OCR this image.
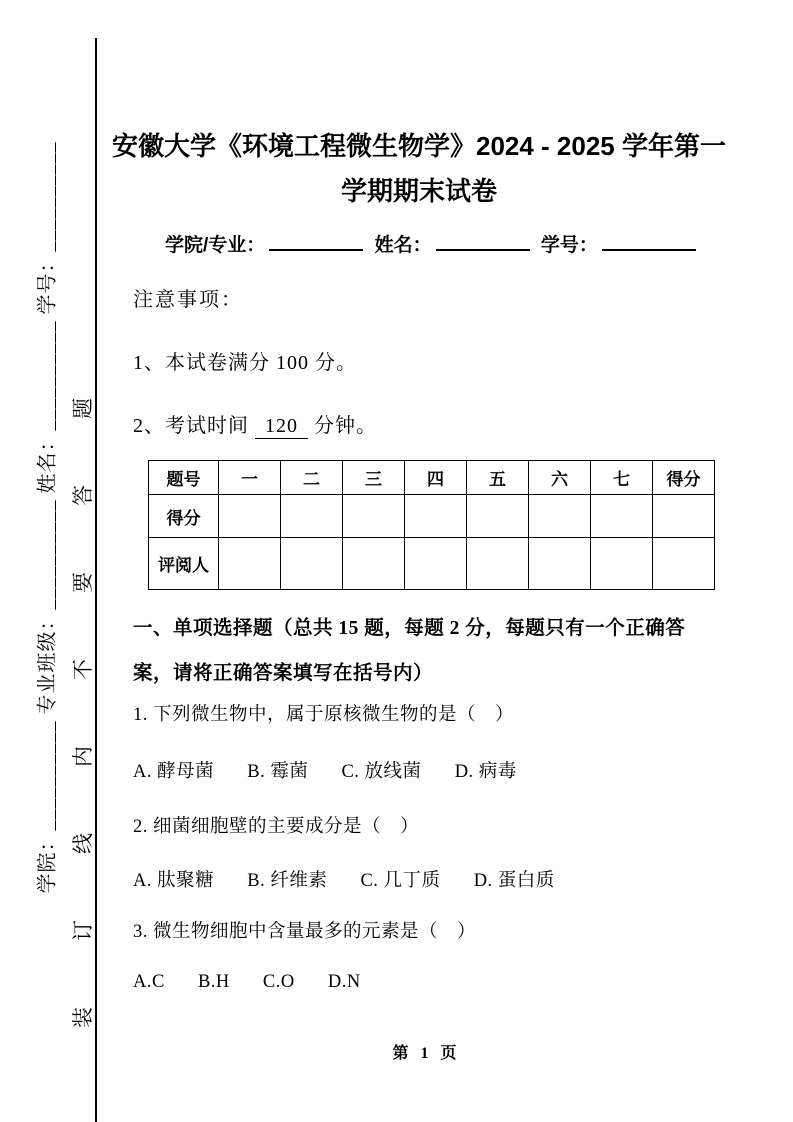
学院：__________ 专业班级：__________ 姓名：__________ 学号：__________ 装订线内不要答题
安徽大学《环境工程微生物学》2024 - 2025 学年第一
学期期末试卷
学院/专业：	姓名：	学号：
注意事项：
1、本试卷满分 100 分。
2、考试时间 120 分钟。
题号	一	二	三	四	五	六	七	得分
得分								
评阅人								
一、单项选择题（总共 15 题，每题 2 分，每题只有一个正确答案，请将正确答案填写在括号内）
1. 下列微生物中，属于原核微生物的是（　）
A. 酵母菌 B. 霉菌 C. 放线菌 D. 病毒
2. 细菌细胞壁的主要成分是（　）
A. 肽聚糖 B. 纤维素 C. 几丁质 D. 蛋白质
3. 微生物细胞中含量最多的元素是（　）
A.C B.H C.O D.N
第 1 页
